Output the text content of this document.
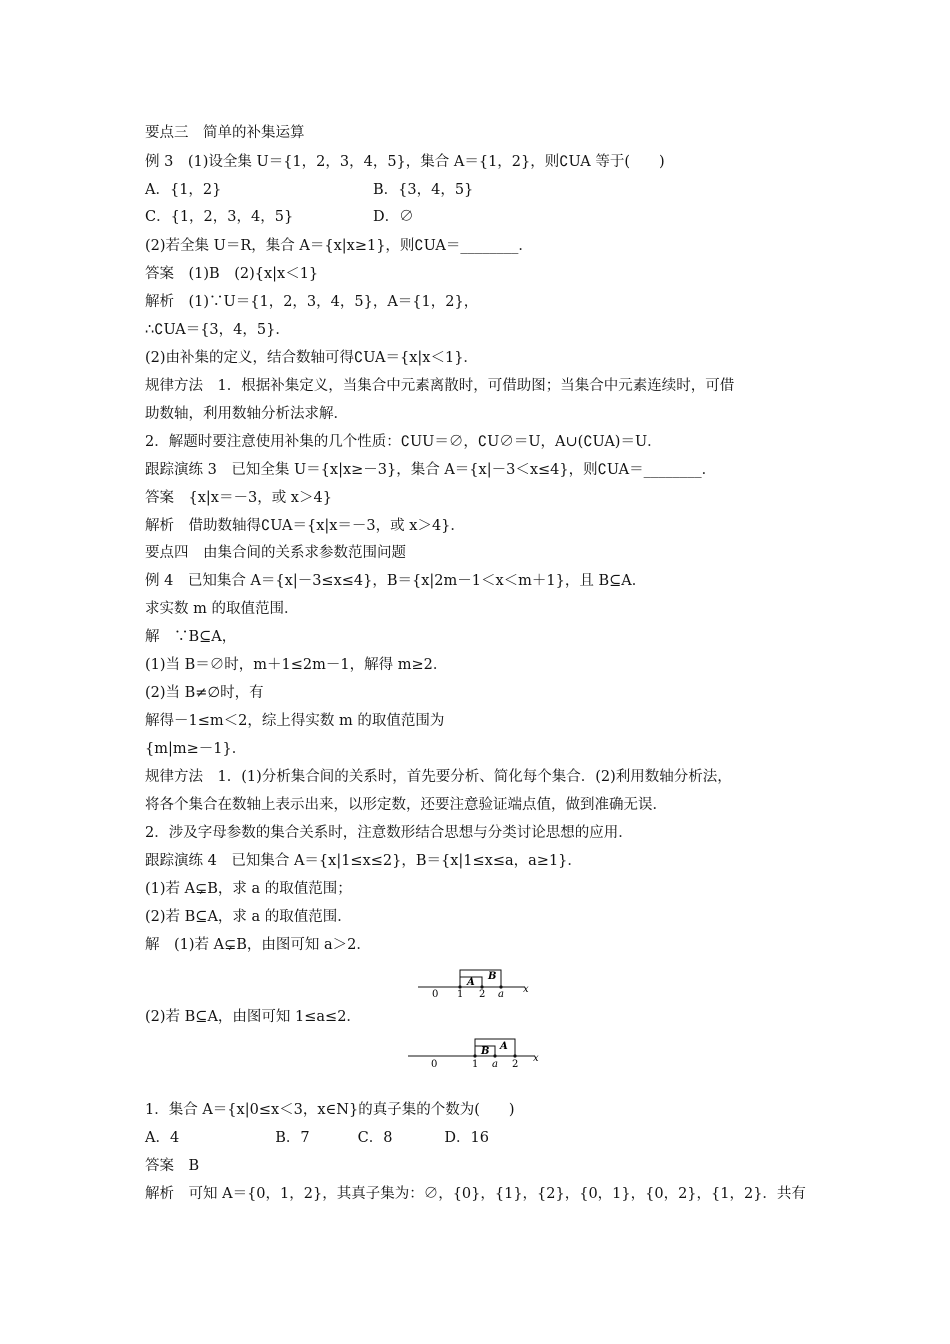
要点三　简单的补集运算
例 3　(1)设全集 U＝{1，2，3，4，5}，集合 A＝{1，2}，则∁UA 等于(　　)
A．{1，2}	B．{3，4，5}
C．{1，2，3，4，5}	D．∅
(2)若全集 U＝R，集合 A＝{x|x≥1}，则∁UA＝________．
答案　(1)B　(2){x|x＜1}
解析　(1)∵U＝{1，2，3，4，5}，A＝{1，2}，
∴∁UA＝{3，4，5}．
(2)由补集的定义，结合数轴可得∁UA＝{x|x＜1}．
规律方法　1．根据补集定义，当集合中元素离散时，可借助图；当集合中元素连续时，可借
助数轴，利用数轴分析法求解．
2．解题时要注意使用补集的几个性质：∁UU＝∅，∁U∅＝U，A∪(∁UA)＝U．
跟踪演练 3　已知全集 U＝{x|x≥－3}，集合 A＝{x|－3＜x≤4}，则∁UA＝________．
答案　{x|x＝－3，或 x＞4}
解析　借助数轴得∁UA＝{x|x＝－3，或 x＞4}．
要点四　由集合间的关系求参数范围问题
例 4　已知集合 A＝{x|－3≤x≤4}，B＝{x|2m－1＜x＜m＋1}，且 B⊆A．
求实数 m 的取值范围．
解　∵B⊆A，
(1)当 B＝∅时，m＋1≤2m－1，解得 m≥2．
(2)当 B≠∅时，有
解得－1≤m＜2，综上得实数 m 的取值范围为
{m|m≥－1}．
规律方法　1．(1)分析集合间的关系时，首先要分析、简化每个集合．(2)利用数轴分析法，
将各个集合在数轴上表示出来，以形定数，还要注意验证端点值，做到准确无误．
2．涉及字母参数的集合关系时，注意数形结合思想与分类讨论思想的应用．
跟踪演练 4　已知集合 A＝{x|1≤x≤2}，B＝{x|1≤x≤a，a≥1}．
(1)若 A⊊B，求 a 的取值范围；
(2)若 B⊆A，求 a 的取值范围．
解　(1)若 A⊊B，由图可知 a＞2．
B
A
0 1 2 a x
(2)若 B⊆A，由图可知 1≤a≤2．
A
B
0	1 a 2
x
1．集合 A＝{x|0≤x＜3，x∈N}的真子集的个数为(　　)
A．4	B．7	C．8	D．16
答案　B
解析　可知 A＝{0，1，2}，其真子集为：∅，{0}，{1}，{2}，{0，1}，{0，2}，{1，2}．共有
